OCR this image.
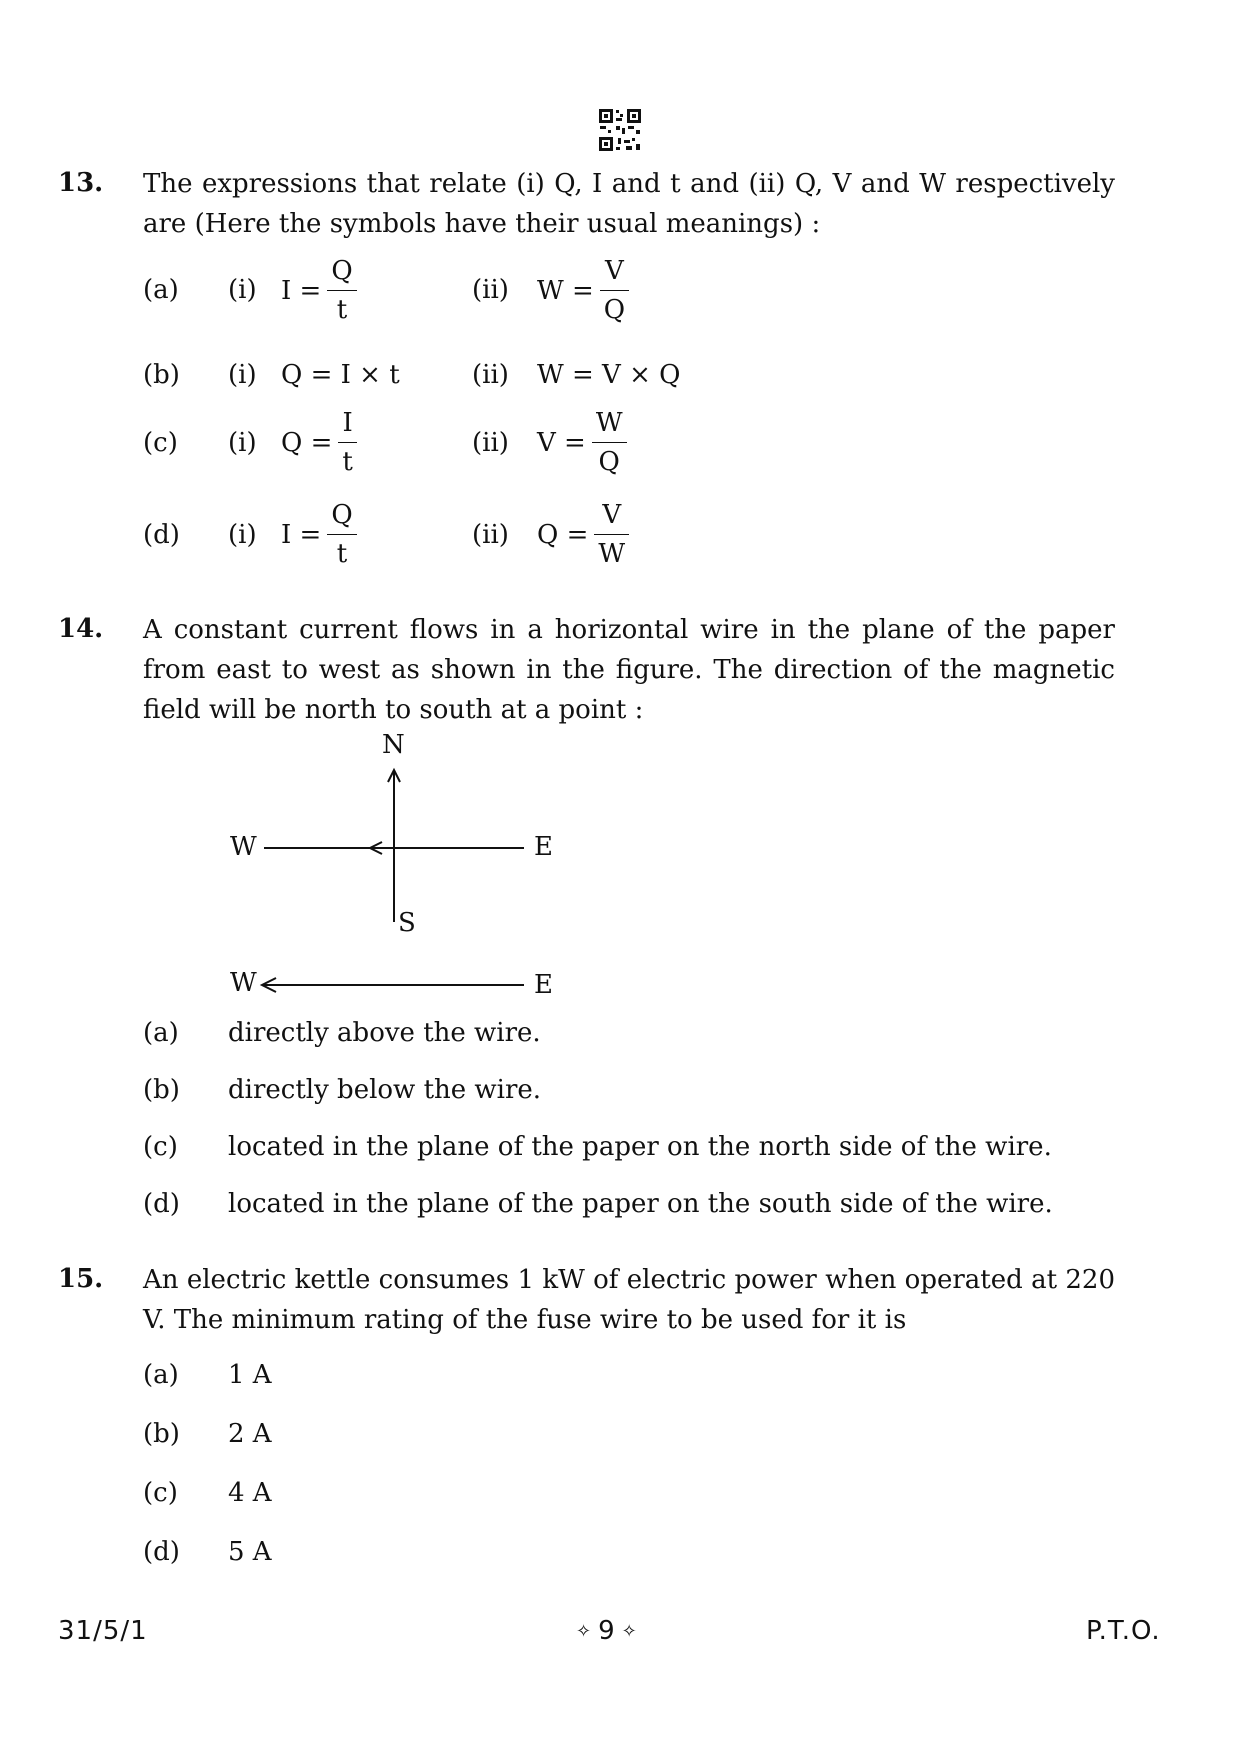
13. The expressions that relate (i) Q, I and t and (ii) Q, V and W respectively are (Here the symbols have their usual meanings) :
(a) (i) $I = \frac{Q}{t}$	(ii) $W = \frac{V}{Q}$
(b) (i) Q = I × t	(ii) W = V × Q
(c) (i) $Q = \frac{I}{t}$	(ii) $V = \frac{W}{Q}$
(d) (i) $I = \frac{Q}{t}$	(ii) $Q = \frac{V}{W}$
14. A constant current flows in a horizontal wire in the plane of the paper from east to west as shown in the figure. The direction of the magnetic field will be north to south at a point :
N
S
W	E
W	E
(a) directly above the wire.
(b) directly below the wire.
(c) located in the plane of the paper on the north side of the wire.
(d) located in the plane of the paper on the south side of the wire.
15. An electric kettle consumes 1 kW of electric power when operated at 220 V. The minimum rating of the fuse wire to be used for it is
(a) 1 A
(b) 2 A
(c) 4 A
(d) 5 A
31/5/1	✧ 9 ✧	P.T.O.
